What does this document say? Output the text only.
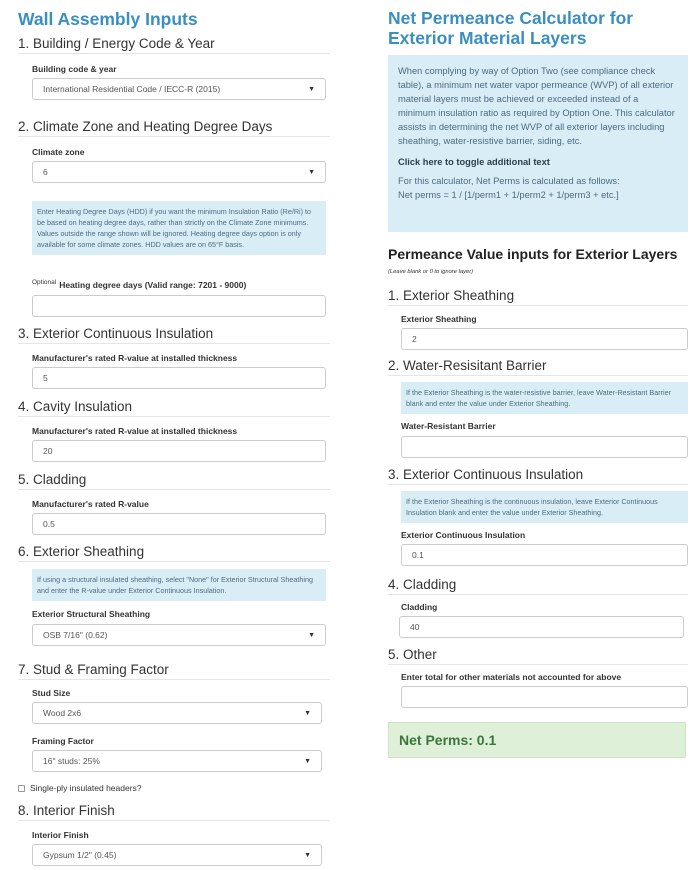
Wall Assembly Inputs
1. Building / Energy Code & Year
Building code & year
International Residential Code / IECC-R (2015)	▼
2. Climate Zone and Heating Degree Days
Climate zone
6	▼
Enter Heating Degree Days (HDD) if you want the minimum Insulation Ratio (Re/Ri) to be based on heating degree days, rather than strictly on the Climate Zone minimums. Values outside the range shown will be ignored. Heating degree days option is only available for some climate zones. HDD values are on 65°F basis.
$^{Optional}$ Heating degree days (Valid range: 7201 - 9000)
3. Exterior Continuous Insulation
Manufacturer's rated R-value at installed thickness
5
4. Cavity Insulation
Manufacturer's rated R-value at installed thickness
20
5. Cladding
Manufacturer's rated R-value
0.5
6. Exterior Sheathing
If using a structural insulated sheathing, select "None" for Exterior Structural Sheathing and enter the R-value under Exterior Continuous Insulation.
Exterior Structural Sheathing
OSB 7/16" (0.62)	▼
7. Stud & Framing Factor
Stud Size
Wood 2x6	▼
Framing Factor
16" studs: 25%	▼
Single-ply insulated headers?
8. Interior Finish
Interior Finish
Gypsum 1/2" (0.45)	▼
Net Permeance Calculator for Exterior Material Layers
When complying by way of Option Two (see compliance check table), a minimum net water vapor permeance (WVP) of all exterior material layers must be achieved or exceeded instead of a minimum insulation ratio as required by Option One. This calculator assists in determining the net WVP of all exterior layers including sheathing, water-resistive barrier, siding, etc.
Click here to toggle additional text
For this calculator, Net Perms is calculated as follows:
Net perms = 1 / [1/perm1 + 1/perm2 + 1/perm3 + etc.]
Permeance Value inputs for Exterior Layers
(Leave blank or 0 to ignore layer)
1. Exterior Sheathing
Exterior Sheathing
2
2. Water-Resisitant Barrier
If the Exterior Sheathing is the water-resistive barrier, leave Water-Resistant Barrier blank and enter the value under Exterior Sheathing.
Water-Resistant Barrier
3. Exterior Continuous Insulation
If the Exterior Sheathing is the continuous insulation, leave Exterior Continuous Insulation blank and enter the value under Exterior Sheathing.
Exterior Continuous Insulation
0.1
4. Cladding
Cladding
40
5. Other
Enter total for other materials not accounted for above
Net Perms: 0.1
